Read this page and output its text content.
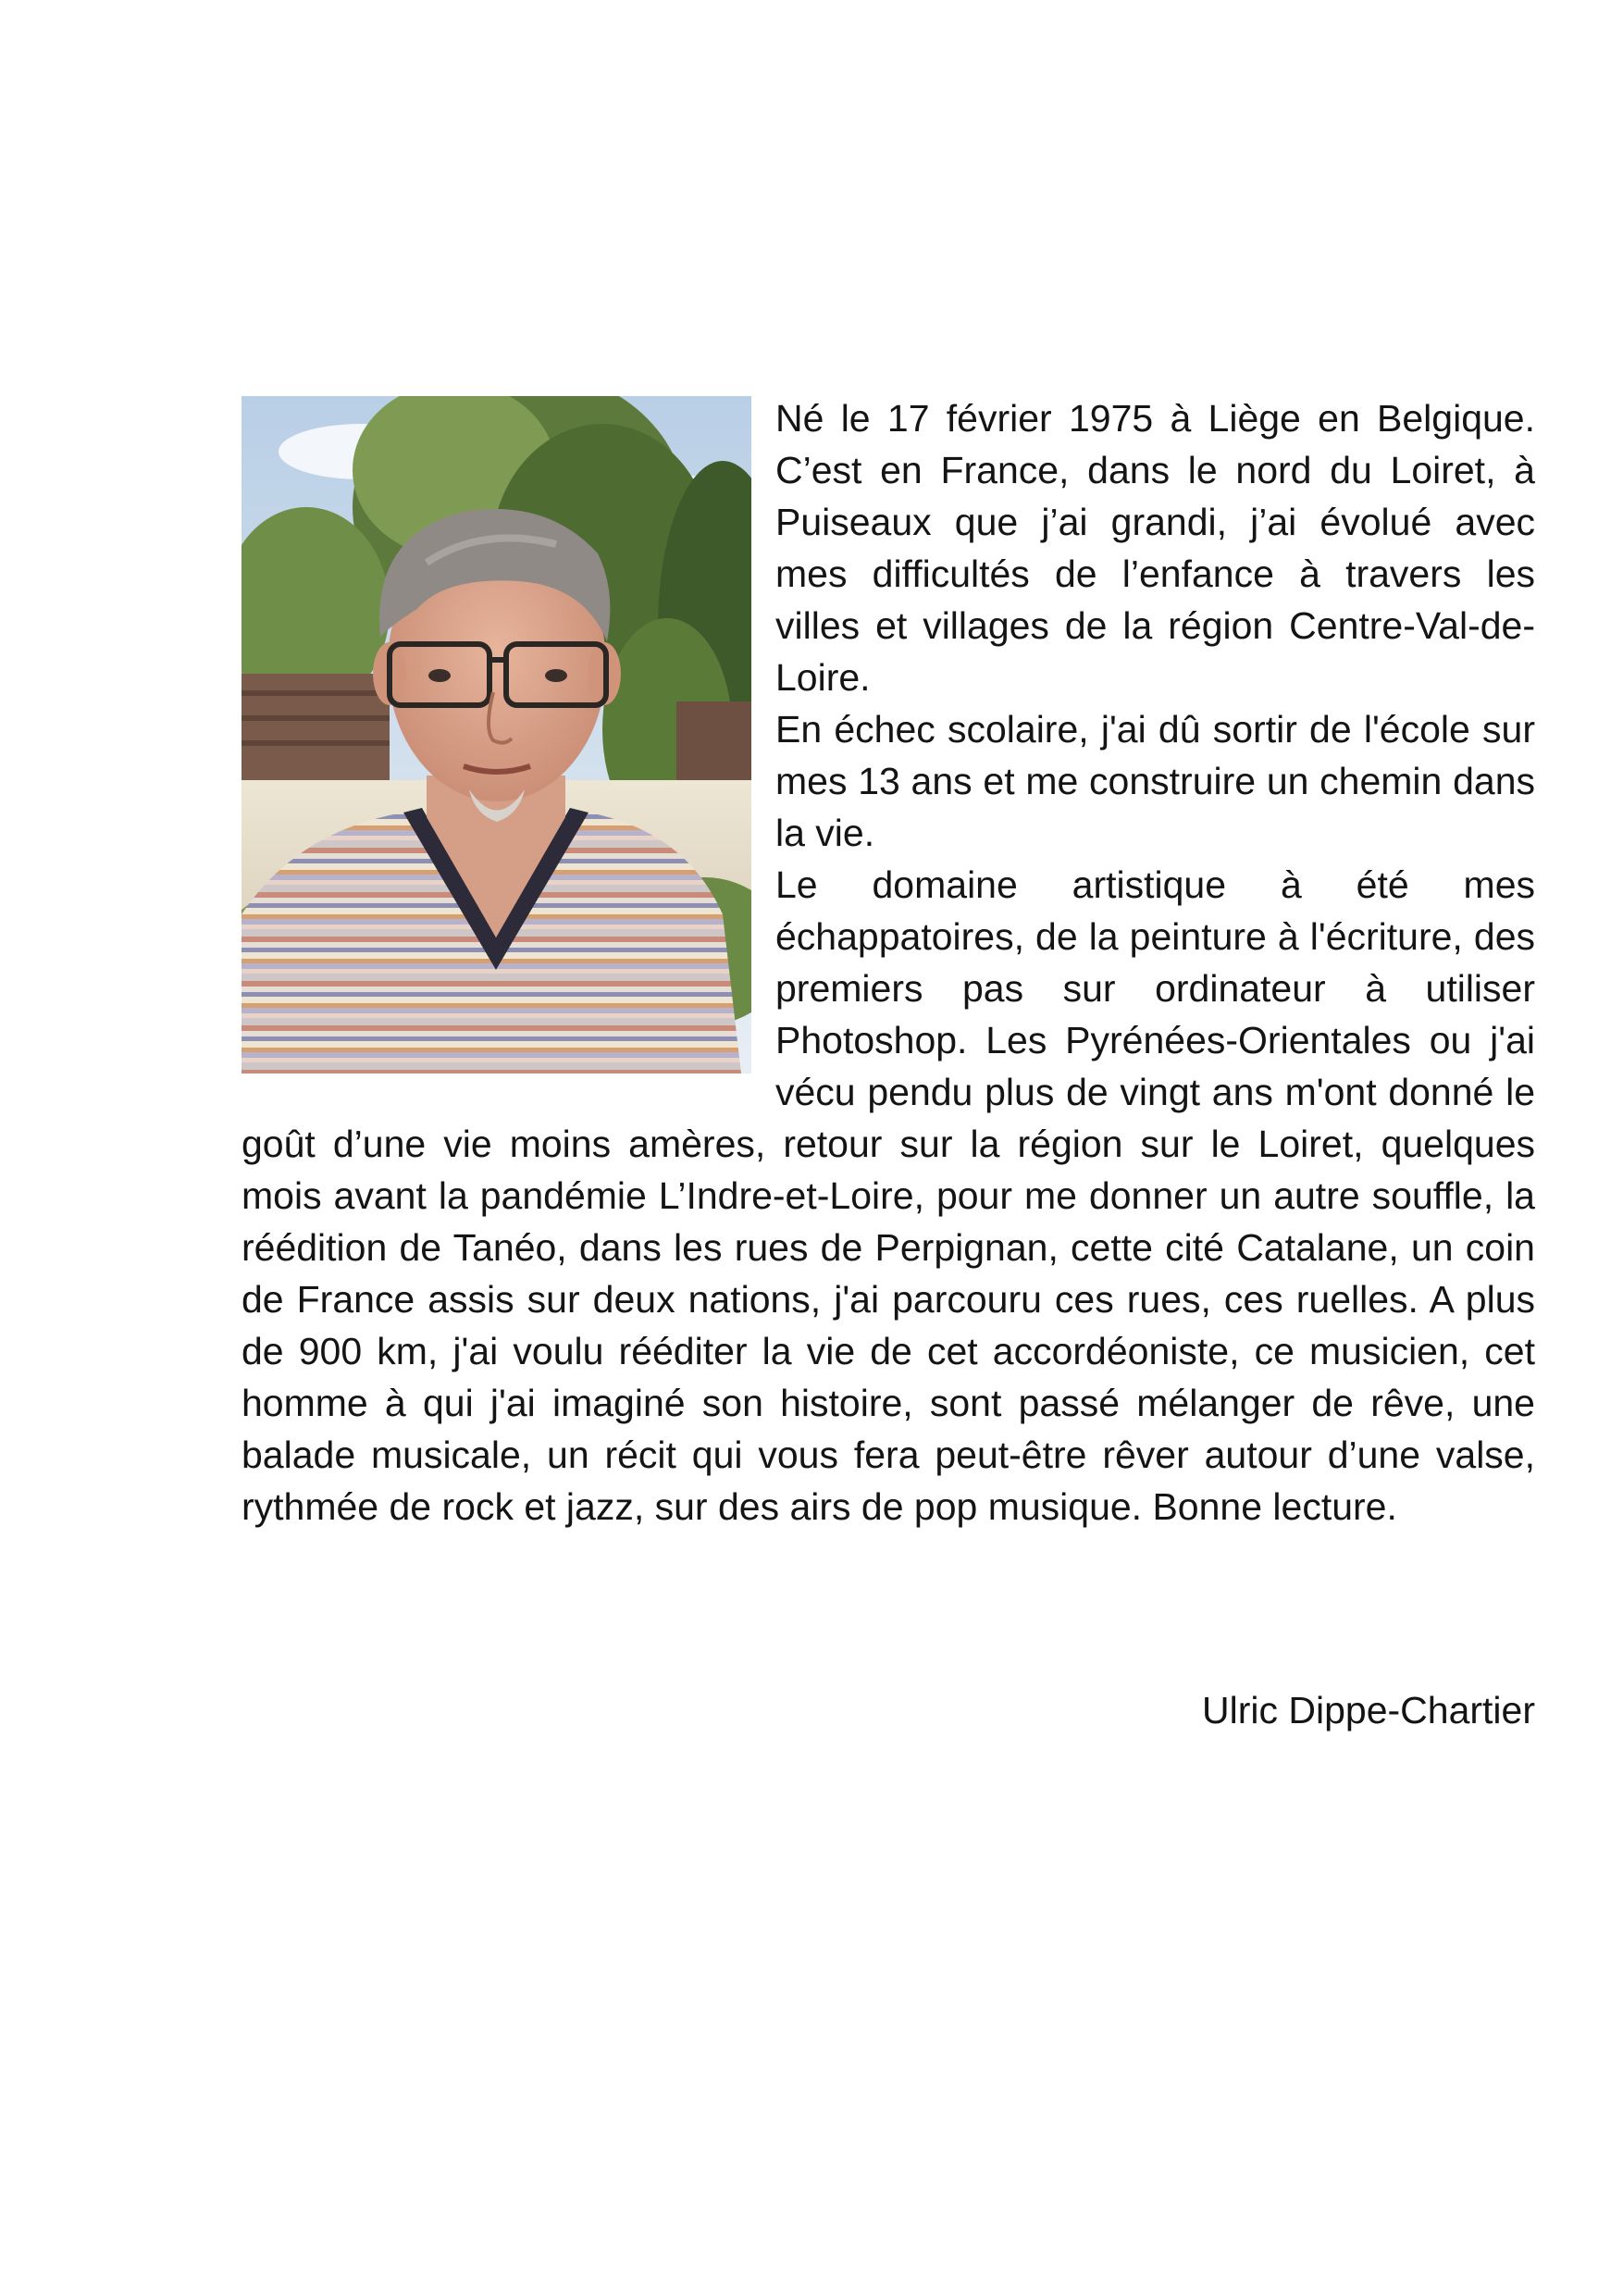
Né le 17 février 1975 à Liège en Belgique. C’est en France, dans le nord du Loiret, à Puiseaux que j’ai grandi, j’ai évolué avec mes difficultés de l’enfance à travers les villes et villages de la région Centre-Val-de-Loire.

En échec scolaire, j'ai dû sortir de l'école sur mes 13 ans et me construire un chemin dans la vie.

Le domaine artistique à été mes échappatoires, de la peinture à l'écriture, des premiers pas sur ordinateur à utiliser Photoshop. Les Pyrénées-Orientales ou j'ai vécu pendu plus de vingt ans m'ont donné le goût d’une vie moins amères, retour sur la région sur le Loiret, quelques mois avant la pandémie L’Indre-et-Loire, pour me donner un autre souffle, la réédition de Tanéo, dans les rues de Perpignan, cette cité Catalane, un coin de France assis sur deux nations, j'ai parcouru ces rues, ces ruelles. A plus de 900 km, j'ai voulu rééditer la vie de cet accordéoniste, ce musicien, cet homme à qui j'ai imaginé son histoire, sont passé mélanger de rêve, une balade musicale, un récit qui vous fera peut-être rêver autour d’une valse, rythmée de rock et jazz, sur des airs de pop musique. Bonne lecture.

Ulric Dippe-Chartier
